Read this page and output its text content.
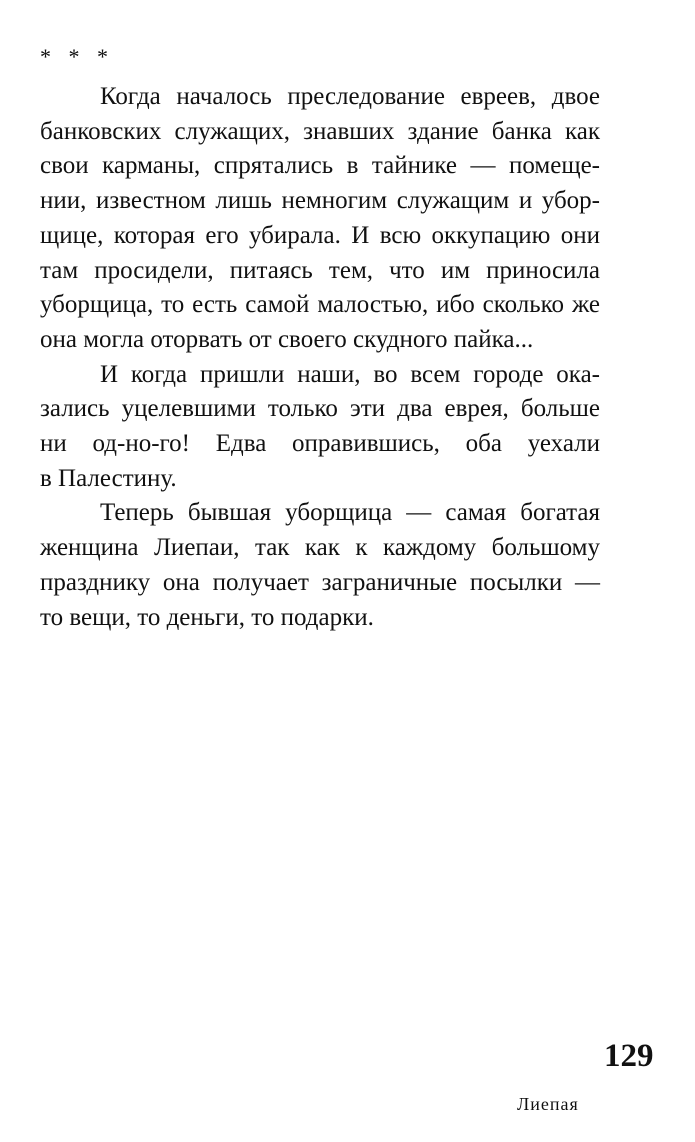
* * *

Когда началось преследование евреев, двое
банковских служащих, знавших здание банка как
свои карманы, спрятались в тайнике — помеще-
нии, известном лишь немногим служащим и убор-
щице, которая его убирала. И всю оккупацию они
там просидели, питаясь тем, что им приносила
уборщица, то есть самой малостью, ибо сколько же
она могла оторвать от своего скудного пайка...

И когда пришли наши, во всем городе ока-
зались уцелевшими только эти два еврея, больше
ни од-но-го! Едва оправившись, оба уехали
в Палестину.

Теперь бывшая уборщица — самая богатая
женщина Лиепаи, так как к каждому большому
празднику она получает заграничные посылки —
то вещи, то деньги, то подарки.

129
Лиепая
